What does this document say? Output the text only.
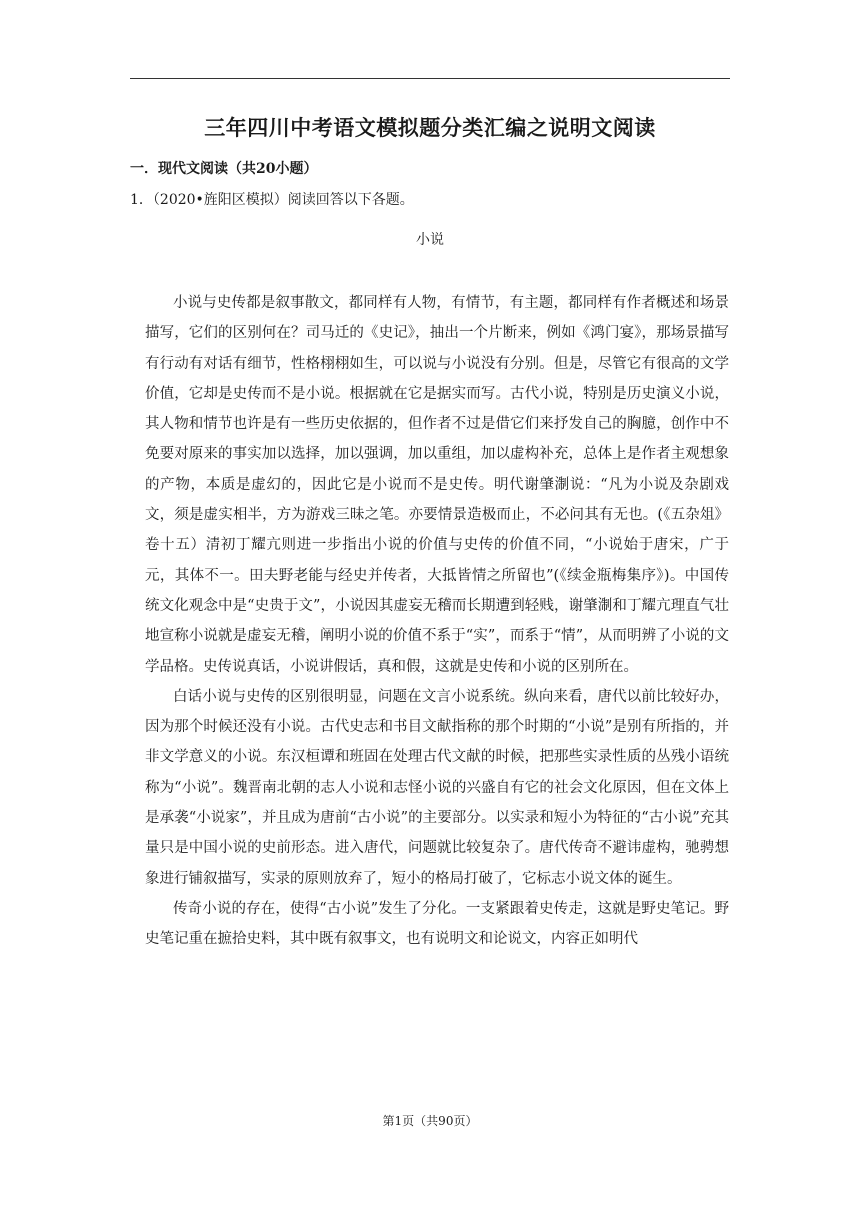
三年四川中考语文模拟题分类汇编之说明文阅读

一．现代文阅读（共20小题）

1．（2020•旌阳区模拟）阅读回答以下各题。

小说

小说与史传都是叙事散文，都同样有人物，有情节，有主题，都同样有作者概述和场景描写，它们的区别何在？司马迁的《史记》，抽出一个片断来，例如《鸿门宴》，那场景描写有行动有对话有细节，性格栩栩如生，可以说与小说没有分别。但是，尽管它有很高的文学价值，它却是史传而不是小说。根据就在它是据实而写。古代小说，特别是历史演义小说，其人物和情节也许是有一些历史依据的，但作者不过是借它们来抒发自己的胸臆，创作中不免要对原来的事实加以选择，加以强调，加以重组，加以虚构补充，总体上是作者主观想象的产物，本质是虚幻的，因此它是小说而不是史传。明代谢肇淛说：“凡为小说及杂剧戏文，须是虚实相半，方为游戏三昧之笔。亦要情景造极而止，不必问其有无也。(《五杂俎》卷十五）清初丁耀亢则进一步指出小说的价值与史传的价值不同，“小说始于唐宋，广于元，其体不一。田夫野老能与经史并传者，大抵皆情之所留也”(《续金瓶梅集序》)。中国传统文化观念中是“史贵于文”，小说因其虚妄无稽而长期遭到轻贱，谢肇淛和丁耀亢理直气壮地宣称小说就是虚妄无稽，阐明小说的价值不系于“实”，而系于“情”，从而明辨了小说的文学品格。史传说真话，小说讲假话，真和假，这就是史传和小说的区别所在。

白话小说与史传的区别很明显，问题在文言小说系统。纵向来看，唐代以前比较好办，因为那个时候还没有小说。古代史志和书目文献指称的那个时期的“小说”是别有所指的，并非文学意义的小说。东汉桓谭和班固在处理古代文献的时候，把那些实录性质的丛残小语统称为“小说”。魏晋南北朝的志人小说和志怪小说的兴盛自有它的社会文化原因，但在文体上是承袭“小说家”，并且成为唐前“古小说”的主要部分。以实录和短小为特征的“古小说”充其量只是中国小说的史前形态。进入唐代，问题就比较复杂了。唐代传奇不避讳虚构，驰骋想象进行铺叙描写，实录的原则放弃了，短小的格局打破了，它标志小说文体的诞生。

传奇小说的存在，使得“古小说”发生了分化。一支紧跟着史传走，这就是野史笔记。野史笔记重在摭拾史料，其中既有叙事文，也有说明文和论说文，内容正如明代

第1页（共90页）
